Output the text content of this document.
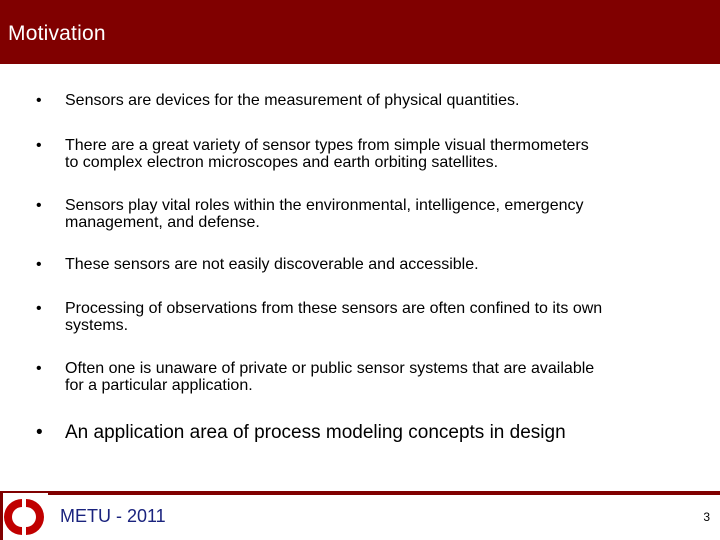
Motivation
• Sensors are devices for the measurement of physical quantities.
• There are a great variety of sensor types from simple visual thermometers
to complex electron microscopes and earth orbiting satellites.
• Sensors play vital roles within the environmental, intelligence, emergency
management, and defense.
• These sensors are not easily discoverable and accessible.
• Processing of observations from these sensors are often confined to its own
systems.
• Often one is unaware of private or public sensor systems that are available
for a particular application.
• An application area of process modeling concepts in design
METU - 2011	3
